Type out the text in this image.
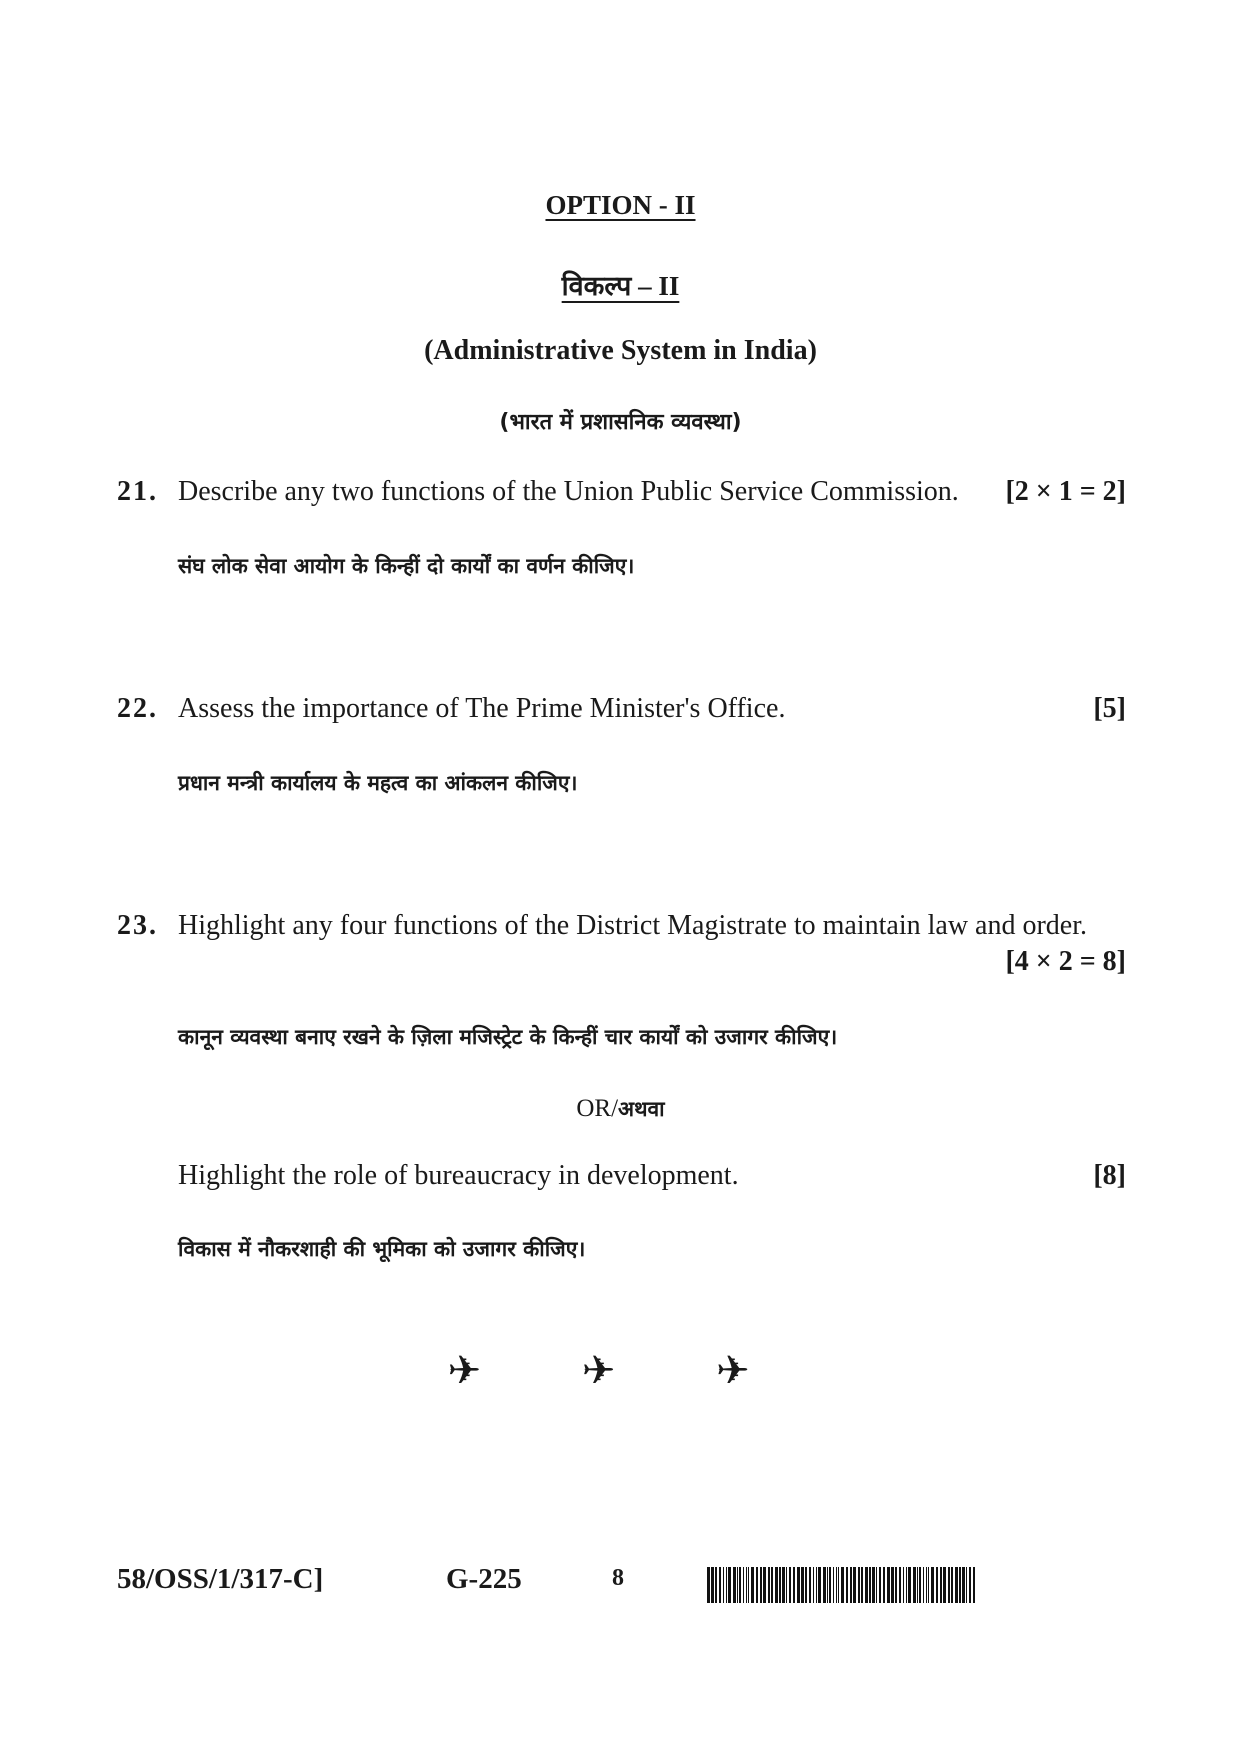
OPTION - II
विकल्प – II
(Administrative System in India)
(भारत में प्रशासनिक व्यवस्था)
21. Describe any two functions of the Union Public Service Commission. [2 × 1 = 2]
संघ लोक सेवा आयोग के किन्हीं दो कार्यों का वर्णन कीजिए।
22. Assess the importance of The Prime Minister's Office.	[5]
प्रधान मन्त्री कार्यालय के महत्व का आंकलन कीजिए।
23. Highlight any four functions of the District Magistrate to maintain law and order.
[4 × 2 = 8]
कानून व्यवस्था बनाए रखने के ज़िला मजिस्ट्रेट के किन्हीं चार कार्यों को उजागर कीजिए।
OR/अथवा
Highlight the role of bureaucracy in development.	[8]
विकास में नौकरशाही की भूमिका को उजागर कीजिए।
✈ ✈ ✈
58/OSS/1/317-C]	G-225	8
